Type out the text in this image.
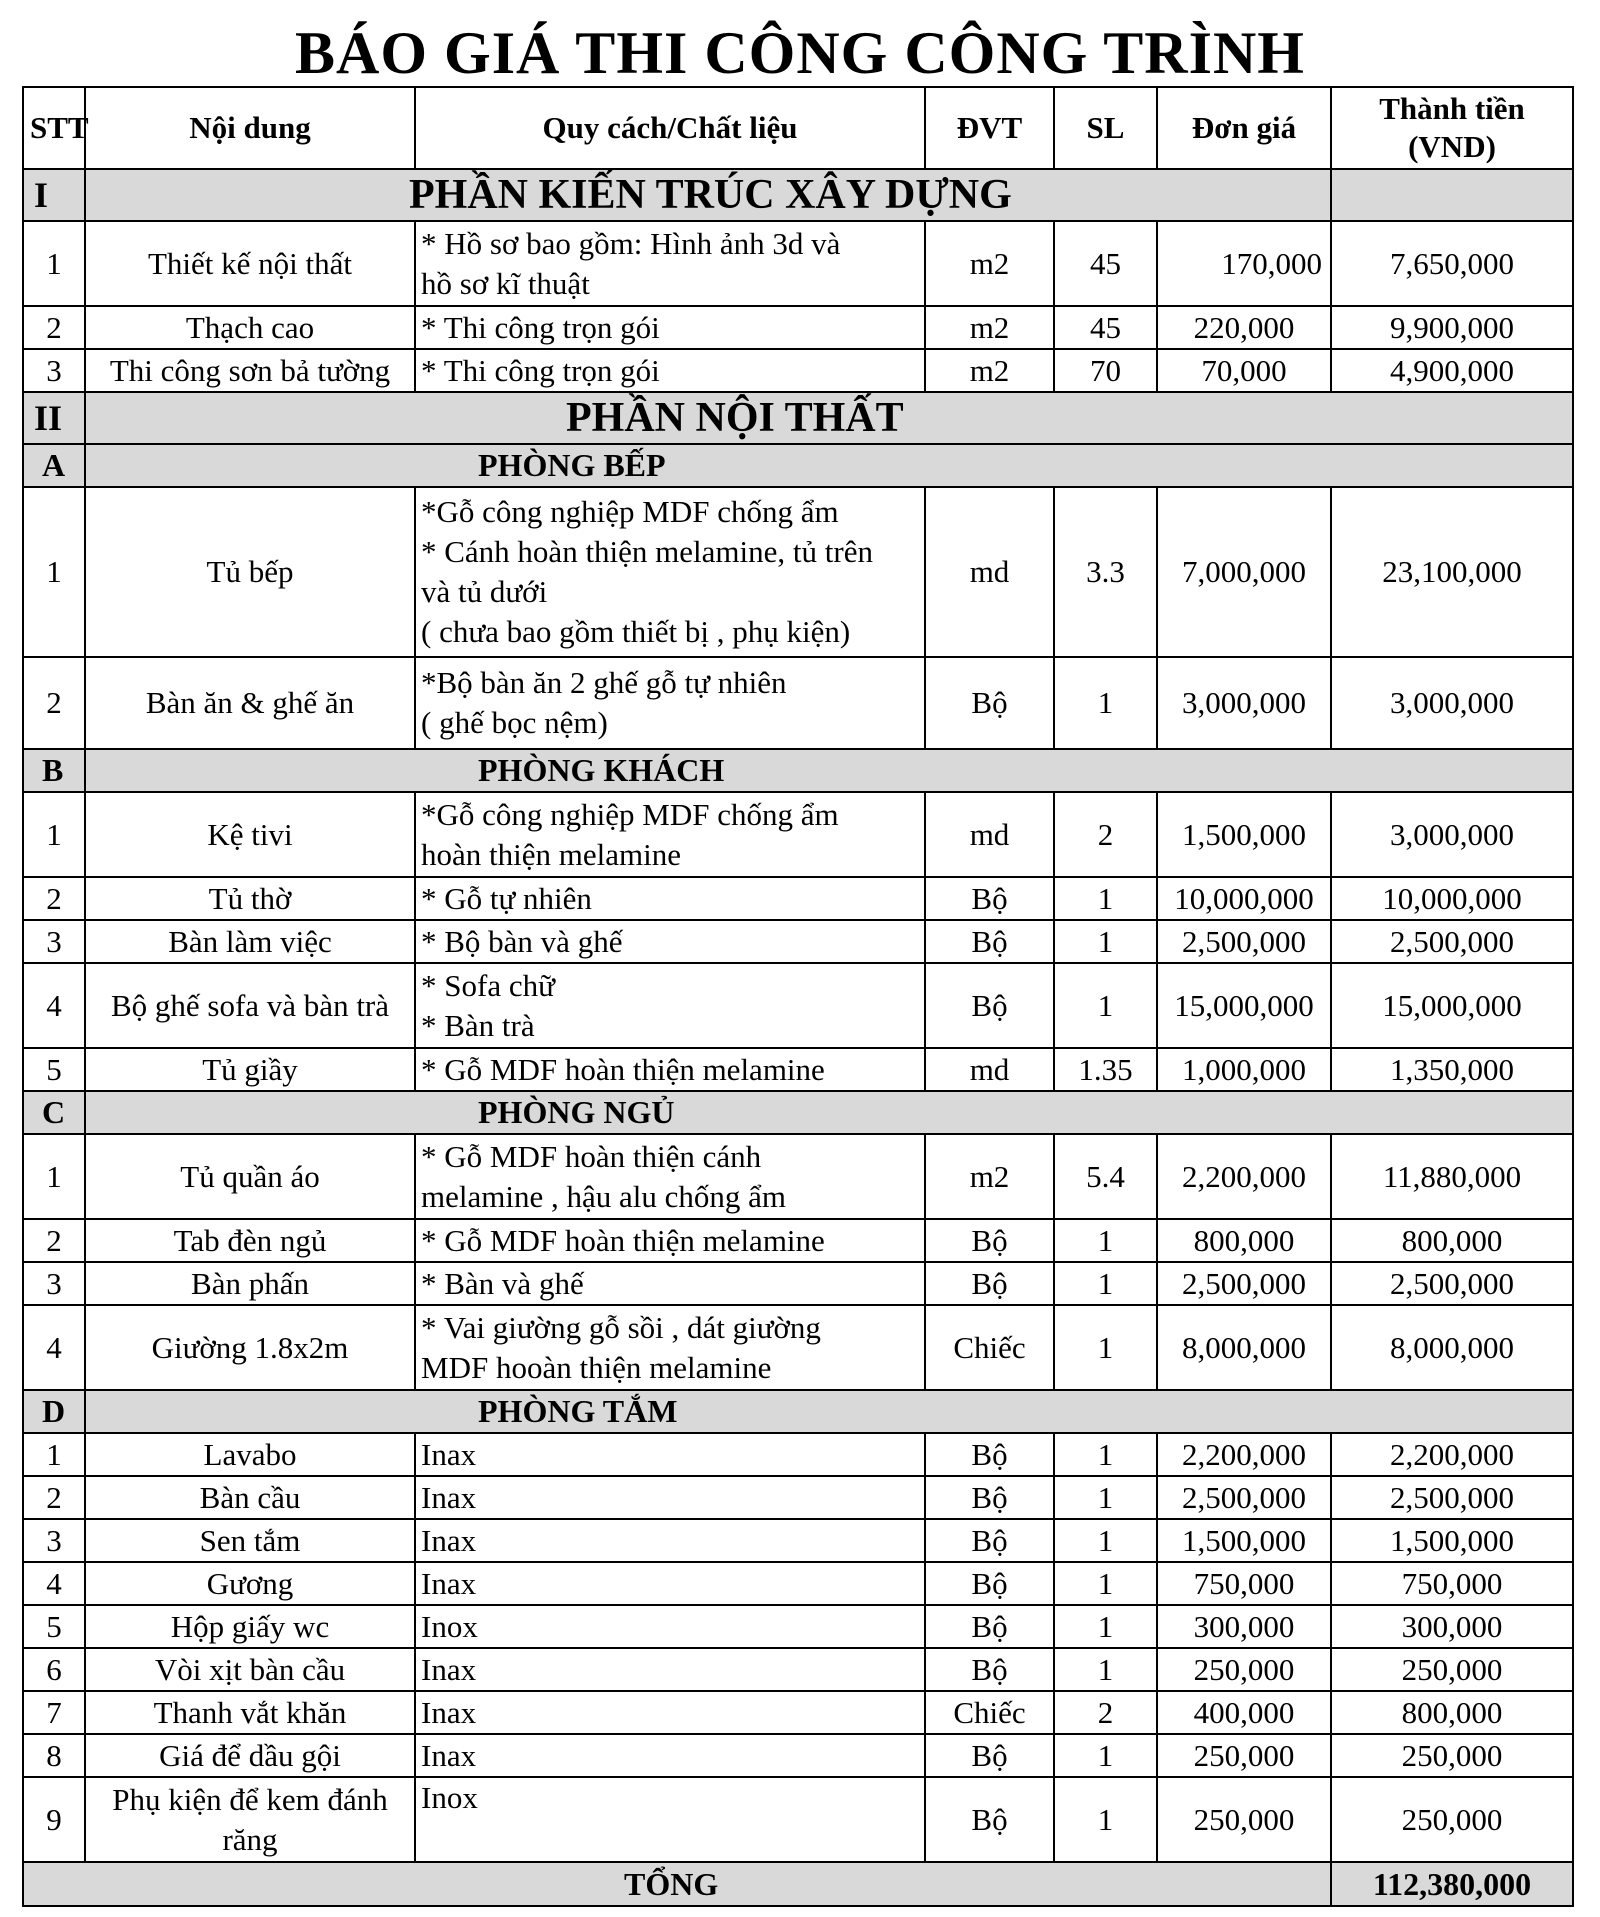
BÁO GIÁ THI CÔNG CÔNG TRÌNH
STT	Nội dung	Quy cách/Chất liệu	ĐVT	SL	Đơn giá	Thành tiền
(VND)

I	PHẦN KIẾN TRÚC XÂY DỰNG					
1	Thiết kế nội thất	* Hồ sơ bao gồm: Hình ảnh 3d và
hồ sơ kĩ thuật	m2	45	170,000	7,650,000
2	Thạch cao	* Thi công trọn gói	m2	45	220,000	9,900,000
3	Thi công sơn bả tường	* Thi công trọn gói	m2	70	70,000	4,900,000
II	PHẦN NỘI THẤT					
A	PHÒNG BẾP					
1	Tủ bếp	*Gỗ công nghiệp MDF chống ẩm
* Cánh hoàn thiện melamine, tủ trên
và tủ dưới
( chưa bao gồm thiết bị , phụ kiện)	md	3.3	7,000,000	23,100,000
2	Bàn ăn & ghế ăn	*Bộ bàn ăn 2 ghế gỗ tự nhiên
( ghế bọc nệm)	Bộ	1	3,000,000	3,000,000
B	PHÒNG KHÁCH					
1	Kệ tivi	*Gỗ công nghiệp MDF chống ẩm
hoàn thiện melamine	md	2	1,500,000	3,000,000
2	Tủ thờ	* Gỗ tự nhiên	Bộ	1	10,000,000	10,000,000
3	Bàn làm việc	* Bộ bàn và ghế	Bộ	1	2,500,000	2,500,000
4	Bộ ghế sofa và bàn trà	* Sofa chữ
* Bàn trà	Bộ	1	15,000,000	15,000,000
5	Tủ giầy	* Gỗ MDF hoàn thiện melamine	md	1.35	1,000,000	1,350,000
C	PHÒNG NGỦ					
1	Tủ quần áo	* Gỗ MDF hoàn thiện cánh
melamine , hậu alu chống ẩm	m2	5.4	2,200,000	11,880,000
2	Tab đèn ngủ	* Gỗ MDF hoàn thiện melamine	Bộ	1	800,000	800,000
3	Bàn phấn	* Bàn và ghế	Bộ	1	2,500,000	2,500,000
4	Giường 1.8x2m	* Vai giường gỗ sồi , dát giường
MDF hooàn thiện melamine	Chiếc	1	8,000,000	8,000,000
D	PHÒNG TẮM					
1	Lavabo	Inax	Bộ	1	2,200,000	2,200,000
2	Bàn cầu	Inax	Bộ	1	2,500,000	2,500,000
3	Sen tắm	Inax	Bộ	1	1,500,000	1,500,000
4	Gương	Inax	Bộ	1	750,000	750,000
5	Hộp giấy wc	Inox	Bộ	1	300,000	300,000
6	Vòi xịt bàn cầu	Inax	Bộ	1	250,000	250,000
7	Thanh vắt khăn	Inax	Chiếc	2	400,000	800,000
8	Giá để dầu gội	Inax	Bộ	1	250,000	250,000
9	Phụ kiện để kem đánh
răng	Inox	Bộ	1	250,000	250,000
TỔNG						112,380,000
